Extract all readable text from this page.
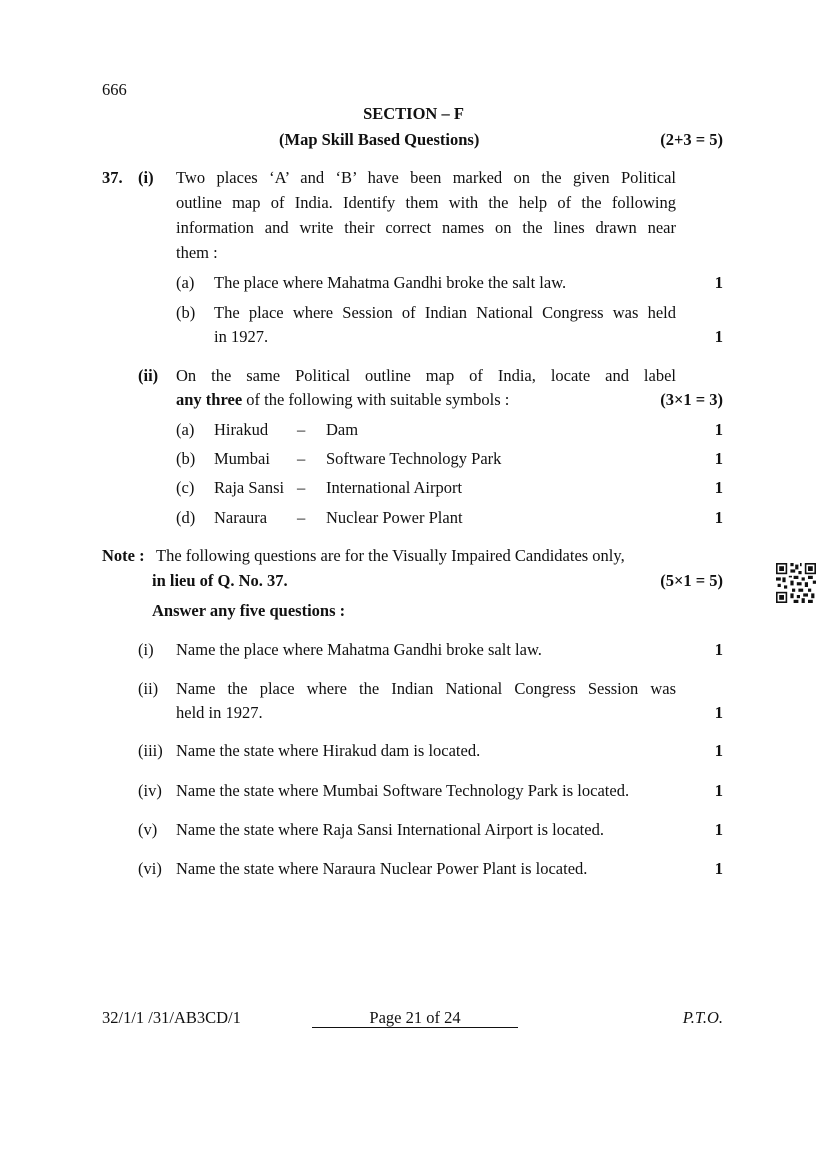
666
SECTION – F
(Map Skill Based Questions)	(2+3 = 5)
37. (i) Two places ‘A’ and ‘B’ have been marked on the given Political
outline map of India. Identify them with the help of the following
information and write their correct names on the lines drawn near
them :
(a) The place where Mahatma Gandhi broke the salt law.	1
(b) The place where Session of Indian National Congress was held
in 1927.	1
(ii) On the same Political outline map of India, locate and label
any three of the following with suitable symbols :	(3×1 = 3)
(a) Hirakud – Dam	1
(b) Mumbai – Software Technology Park	1
(c) Raja Sansi – International Airport	1
(d) Naraura – Nuclear Power Plant	1
Note : The following questions are for the Visually Impaired Candidates only,
in lieu of Q. No. 37.	(5×1 = 5)
Answer any five questions :
(i) Name the place where Mahatma Gandhi broke salt law.	1
(ii) Name the place where the Indian National Congress Session was
held in 1927.	1
(iii) Name the state where Hirakud dam is located.	1
(iv) Name the state where Mumbai Software Technology Park is located.	1
(v) Name the state where Raja Sansi International Airport is located.	1
(vi) Name the state where Naraura Nuclear Power Plant is located.	1
32/1/1 /31/AB3CD/1	Page 21 of 24	P.T.O.
